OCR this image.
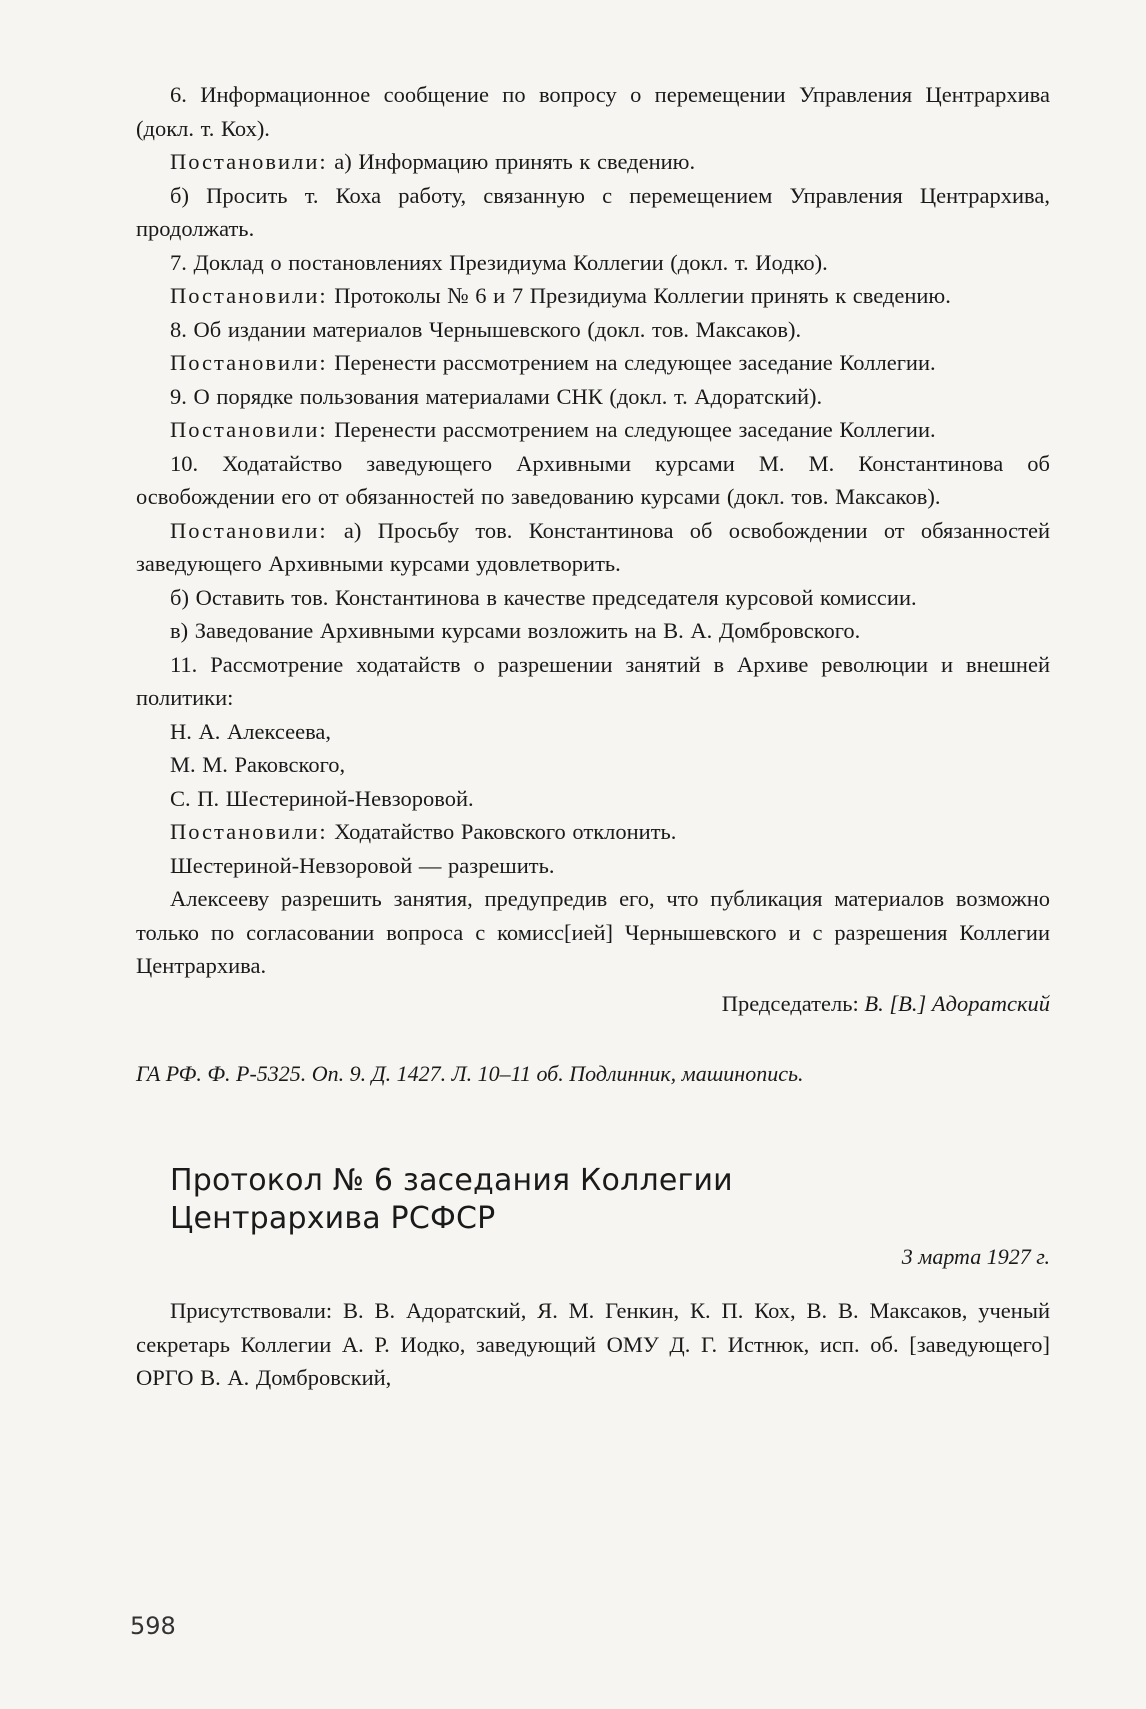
6. Информационное сообщение по вопросу о перемещении Управления Центрархива (докл. т. Кох).

Постановили: а) Информацию принять к сведению.

б) Просить т. Коха работу, связанную с перемещением Управления Центрархива, продолжать.

7. Доклад о постановлениях Президиума Коллегии (докл. т. Иодко).

Постановили: Протоколы № 6 и 7 Президиума Коллегии принять к сведению.

8. Об издании материалов Чернышевского (докл. тов. Максаков).

Постановили: Перенести рассмотрением на следующее заседание Коллегии.

9. О порядке пользования материалами СНК (докл. т. Адоратский).

Постановили: Перенести рассмотрением на следующее заседание Коллегии.

10. Ходатайство заведующего Архивными курсами М. М. Константинова об освобождении его от обязанностей по заведованию курсами (докл. тов. Максаков).

Постановили: а) Просьбу тов. Константинова об освобождении от обязанностей заведующего Архивными курсами удовлетворить.

б) Оставить тов. Константинова в качестве председателя курсовой комиссии.

в) Заведование Архивными курсами возложить на В. А. Домбровского.

11. Рассмотрение ходатайств о разрешении занятий в Архиве революции и внешней политики:

Н. А. Алексеева,

М. М. Раковского,

С. П. Шестериной-Невзоровой.

Постановили: Ходатайство Раковского отклонить.

Шестериной-Невзоровой — разрешить.

Алексееву разрешить занятия, предупредив его, что публикация материалов возможно только по согласовании вопроса с комисс[ией] Чернышевского и с разрешения Коллегии Центрархива.

Председатель: В. [В.] Адоратский
ГА РФ. Ф. Р-5325. Оп. 9. Д. 1427. Л. 10–11 об. Подлинник, машинопись.
Протокол № 6 заседания Коллегии
Центрархива РСФСР
3 марта 1927 г.

Присутствовали: В. В. Адоратский, Я. М. Генкин, К. П. Кох, В. В. Максаков, ученый секретарь Коллегии А. Р. Иодко, заведующий ОМУ Д. Г. Истнюк, исп. об. [заведующего] ОРГО В. А. Домбровский,

598
